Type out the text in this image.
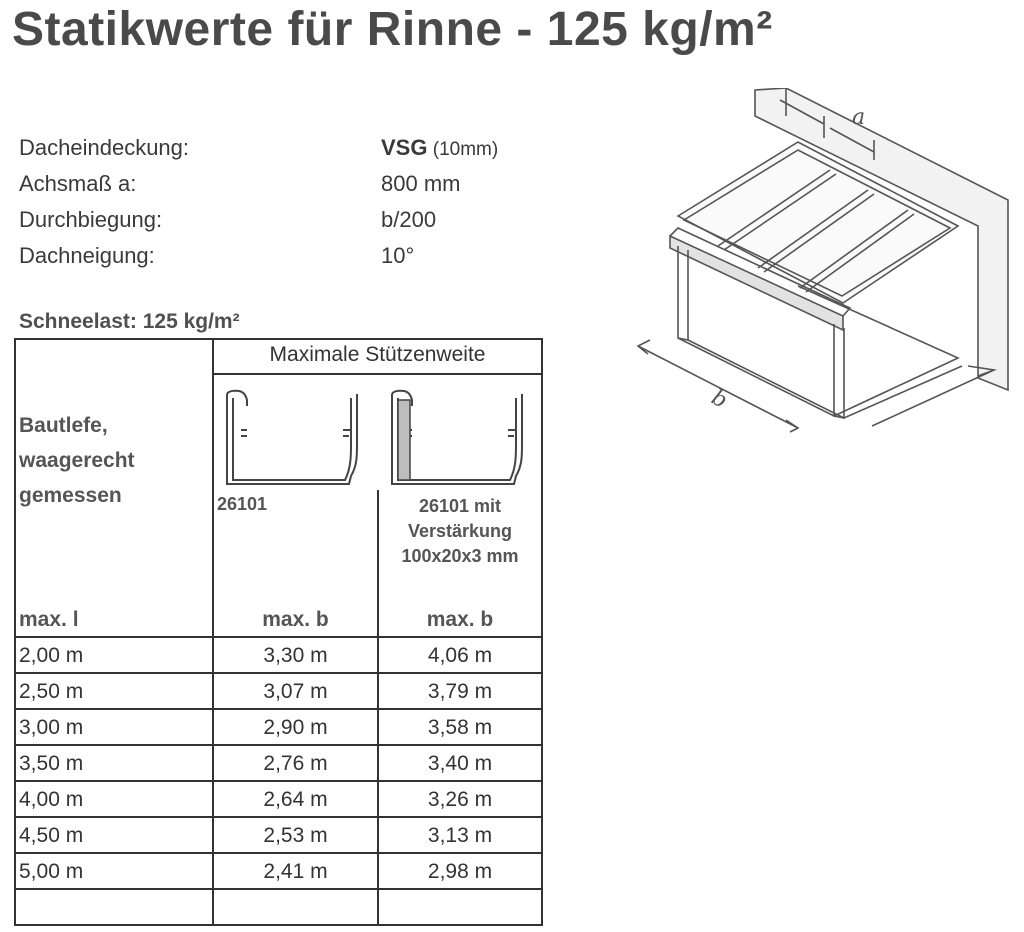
Statikwerte für Rinne - 125 kg/m²
Dacheindeckung:	VSG (10mm)
Achsmaß a:	800 mm
Durchbiegung:	b/200
Dachneigung:	10°
Schneelast: 125 kg/m²
Maximale Stützenweite
Bautlefe,
waagerecht
gemessen	26101	26101 mit
Verstärkung
100x20x3 mm
max. l	max. b	max. b
2,00 m	3,30 m	4,06 m
2,50 m	3,07 m	3,79 m
3,00 m	2,90 m	3,58 m
3,50 m	2,76 m	3,40 m
4,00 m	2,64 m	3,26 m
4,50 m	2,53 m	3,13 m
5,00 m	2,41 m	2,98 m
a
b
